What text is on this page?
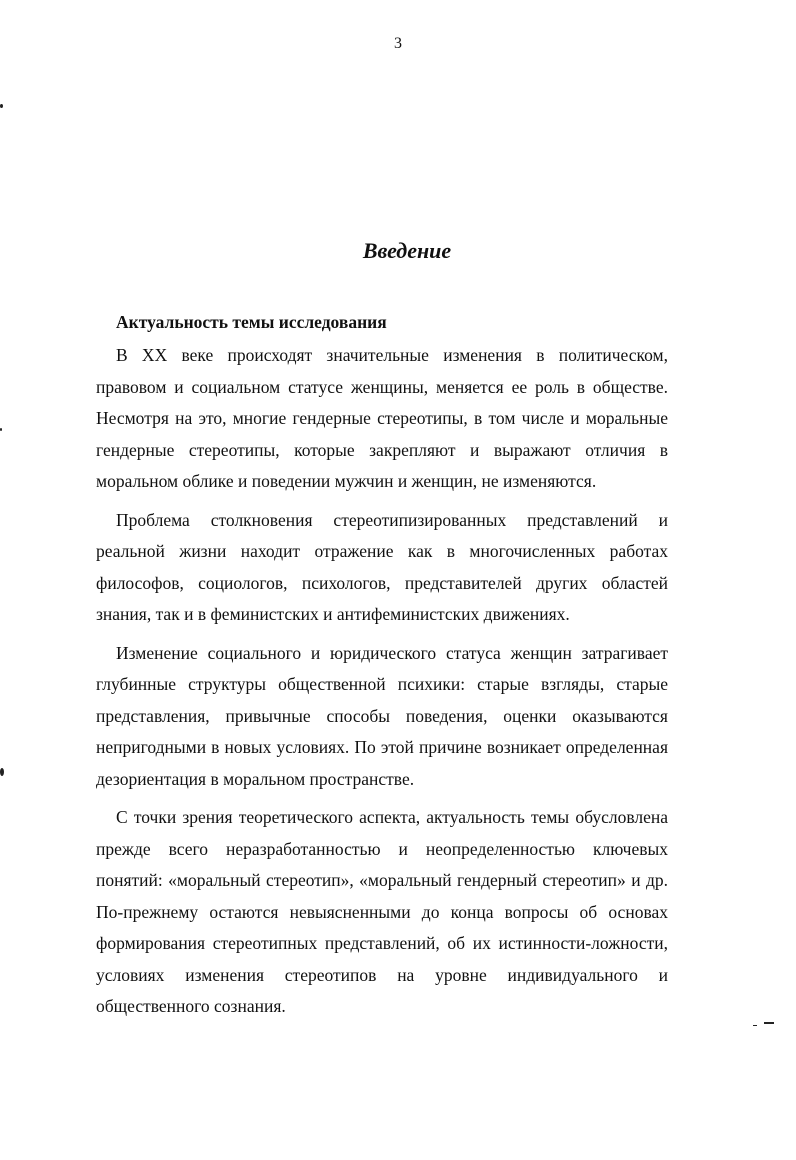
3
Введение
Актуальность темы исследования

В XX веке происходят значительные изменения в политическом, правовом и социальном статусе женщины, меняется ее роль в обществе. Несмотря на это, многие гендерные стереотипы, в том числе и моральные гендерные стереотипы, которые закрепляют и выражают отличия в моральном облике и поведении мужчин и женщин, не изменяются.

Проблема столкновения стереотипизированных представлений и реальной жизни находит отражение как в многочисленных работах философов, социологов, психологов, представителей других областей знания, так и в феминистских и антифеминистских движениях.

Изменение социального и юридического статуса женщин затрагивает глубинные структуры общественной психики: старые взгляды, старые представления, привычные способы поведения, оценки оказываются непригодными в новых условиях. По этой причине возникает определенная дезориентация в моральном пространстве.

С точки зрения теоретического аспекта, актуальность темы обусловлена прежде всего неразработанностью и неопределенностью ключевых понятий: «моральный стереотип», «моральный гендерный стереотип» и др. По-прежнему остаются невыясненными до конца вопросы об основах формирования стереотипных представлений, об их истинности-ложности, условиях изменения стереотипов на уровне индивидуального и общественного сознания.
